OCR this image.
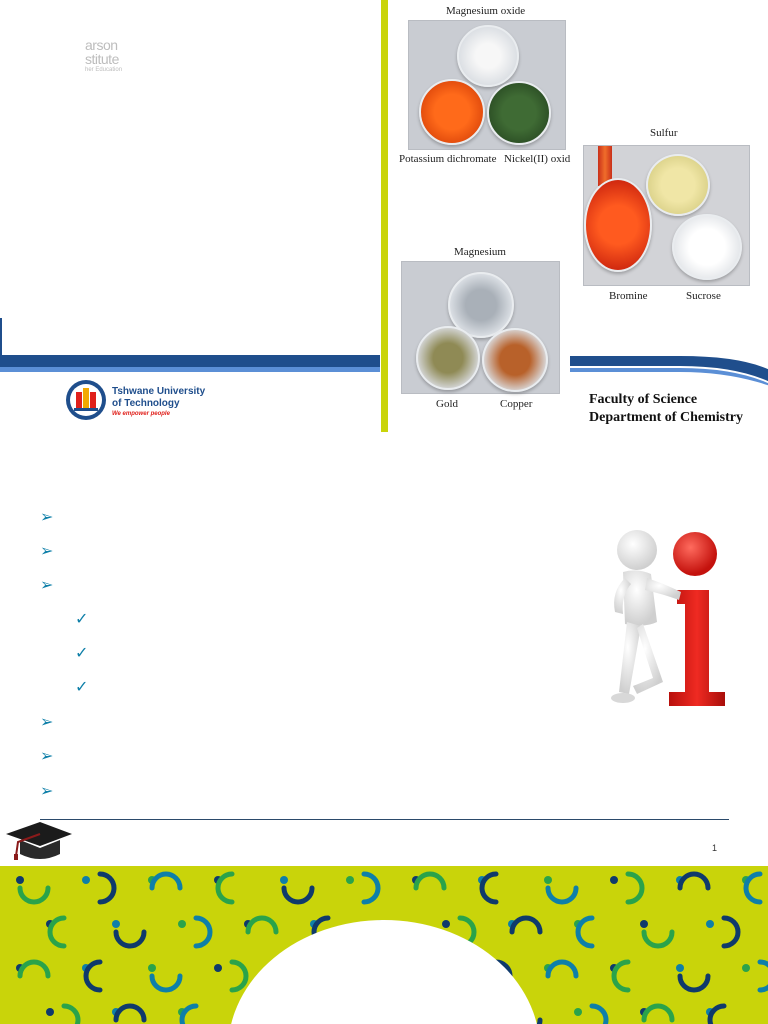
arson
stitute
her Education
Tshwane University
of Technology
We empower people
Magnesium oxide
Potassium dichromate Nickel(II) oxid
Sulfur
Bromine	Sucrose
Magnesium
Gold	Copper	Faculty of Science
Department of Chemistry
➢
➢
➢
✓
✓
✓
➢
➢
➢
1
